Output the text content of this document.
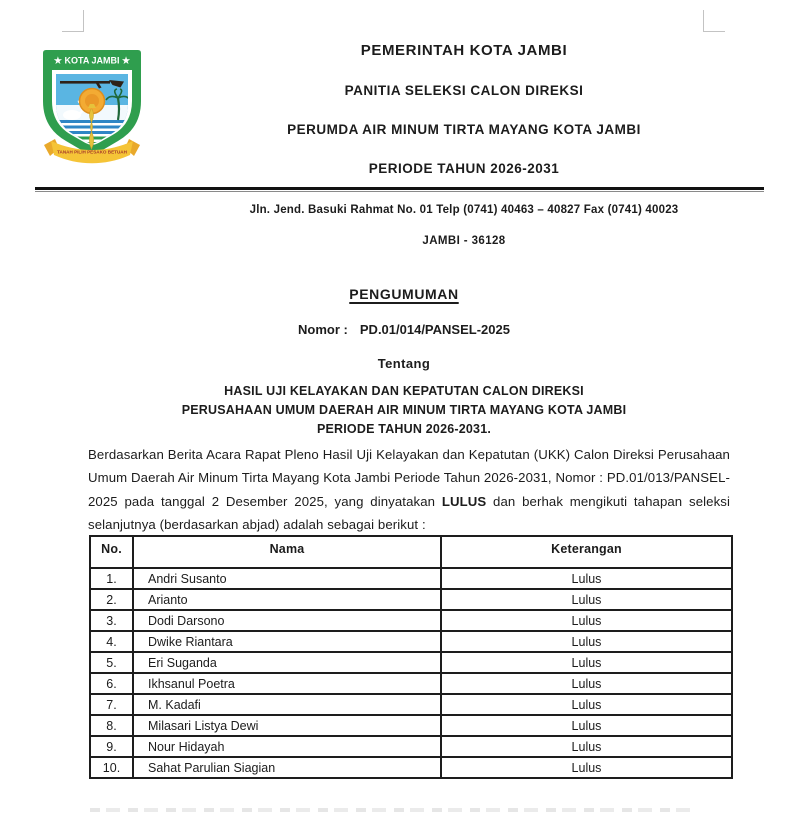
★ KOTA JAMBI ★
TANAH PILIH PESAKO BETUAH
PEMERINTAH KOTA JAMBI
PANITIA SELEKSI CALON DIREKSI
PERUMDA AIR MINUM TIRTA MAYANG KOTA JAMBI
PERIODE TAHUN 2026-2031
Jln. Jend. Basuki Rahmat No. 01 Telp (0741) 40463 – 40827 Fax (0741) 40023
JAMBI - 36128
PENGUMUMAN
Nomor : PD.01/014/PANSEL-2025
Tentang
HASIL UJI KELAYAKAN DAN KEPATUTAN CALON DIREKSI
PERUSAHAAN UMUM DAERAH AIR MINUM TIRTA MAYANG KOTA JAMBI
PERIODE TAHUN 2026-2031.

Berdasarkan Berita Acara Rapat Pleno Hasil Uji Kelayakan dan Kepatutan (UKK) Calon Direksi Perusahaan Umum Daerah Air Minum Tirta Mayang Kota Jambi Periode Tahun 2026-2031, Nomor : PD.01/013/PANSEL-2025 pada tanggal 2 Desember 2025, yang dinyatakan LULUS dan berhak mengikuti tahapan seleksi selanjutnya (berdasarkan abjad) adalah sebagai berikut :

No.	Nama	Keterangan
1.	Andri Susanto	Lulus
2.	Arianto	Lulus
3.	Dodi Darsono	Lulus
4.	Dwike Riantara	Lulus
5.	Eri Suganda	Lulus
6.	Ikhsanul Poetra	Lulus
7.	M. Kadafi	Lulus
8.	Milasari Listya Dewi	Lulus
9.	Nour Hidayah	Lulus
10.	Sahat Parulian Siagian	Lulus
